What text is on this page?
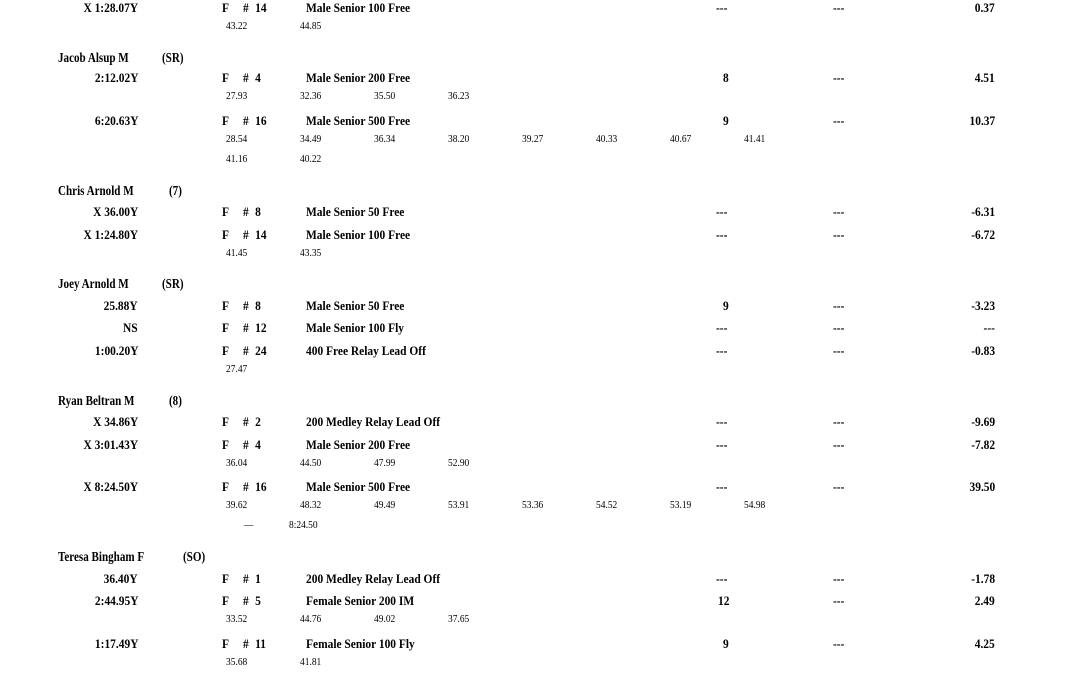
X 1:28.07Y	F # 14	Male Senior 100 Free	---	---	0.37
43.22	44.85
Jacob Alsup M (SR)
2:12.02Y	F # 4	Male Senior 200 Free	8	---	4.51
27.93	32.36	35.50	36.23
6:20.63Y	F # 16	Male Senior 500 Free	9	---	10.37
28.54	34.49	36.34	38.20	39.27	40.33	40.67	41.41
41.16	40.22
Chris Arnold M	(7)
X 36.00Y	F # 8	Male Senior 50 Free	---	---	-6.31
X 1:24.80Y	F # 14	Male Senior 100 Free	---	---	-6.72
41.45	43.35
Joey Arnold M (SR)
25.88Y	F # 8	Male Senior 50 Free	9	---	-3.23
NS	F # 12	Male Senior 100 Fly	---	---	---
1:00.20Y	F # 24	400 Free Relay Lead Off	---	---	-0.83
27.47
Ryan Beltran M	(8)
X 34.86Y	F # 2	200 Medley Relay Lead Off	---	---	-9.69
X 3:01.43Y	F # 4	Male Senior 200 Free	---	---	-7.82
36.04	44.50	47.99	52.90
X 8:24.50Y	F # 16	Male Senior 500 Free	---	---	39.50
39.62	48.32	49.49	53.91	53.36	54.52	53.19	54.98
—	8:24.50
Teresa Bingham F	(SO)
36.40Y	F # 1	200 Medley Relay Lead Off	---	---	-1.78
2:44.95Y	F # 5	Female Senior 200 IM	12	---	2.49
33.52	44.76	49.02	37.65
1:17.49Y	F # 11	Female Senior 100 Fly	9	---	4.25
35.68	41.81
